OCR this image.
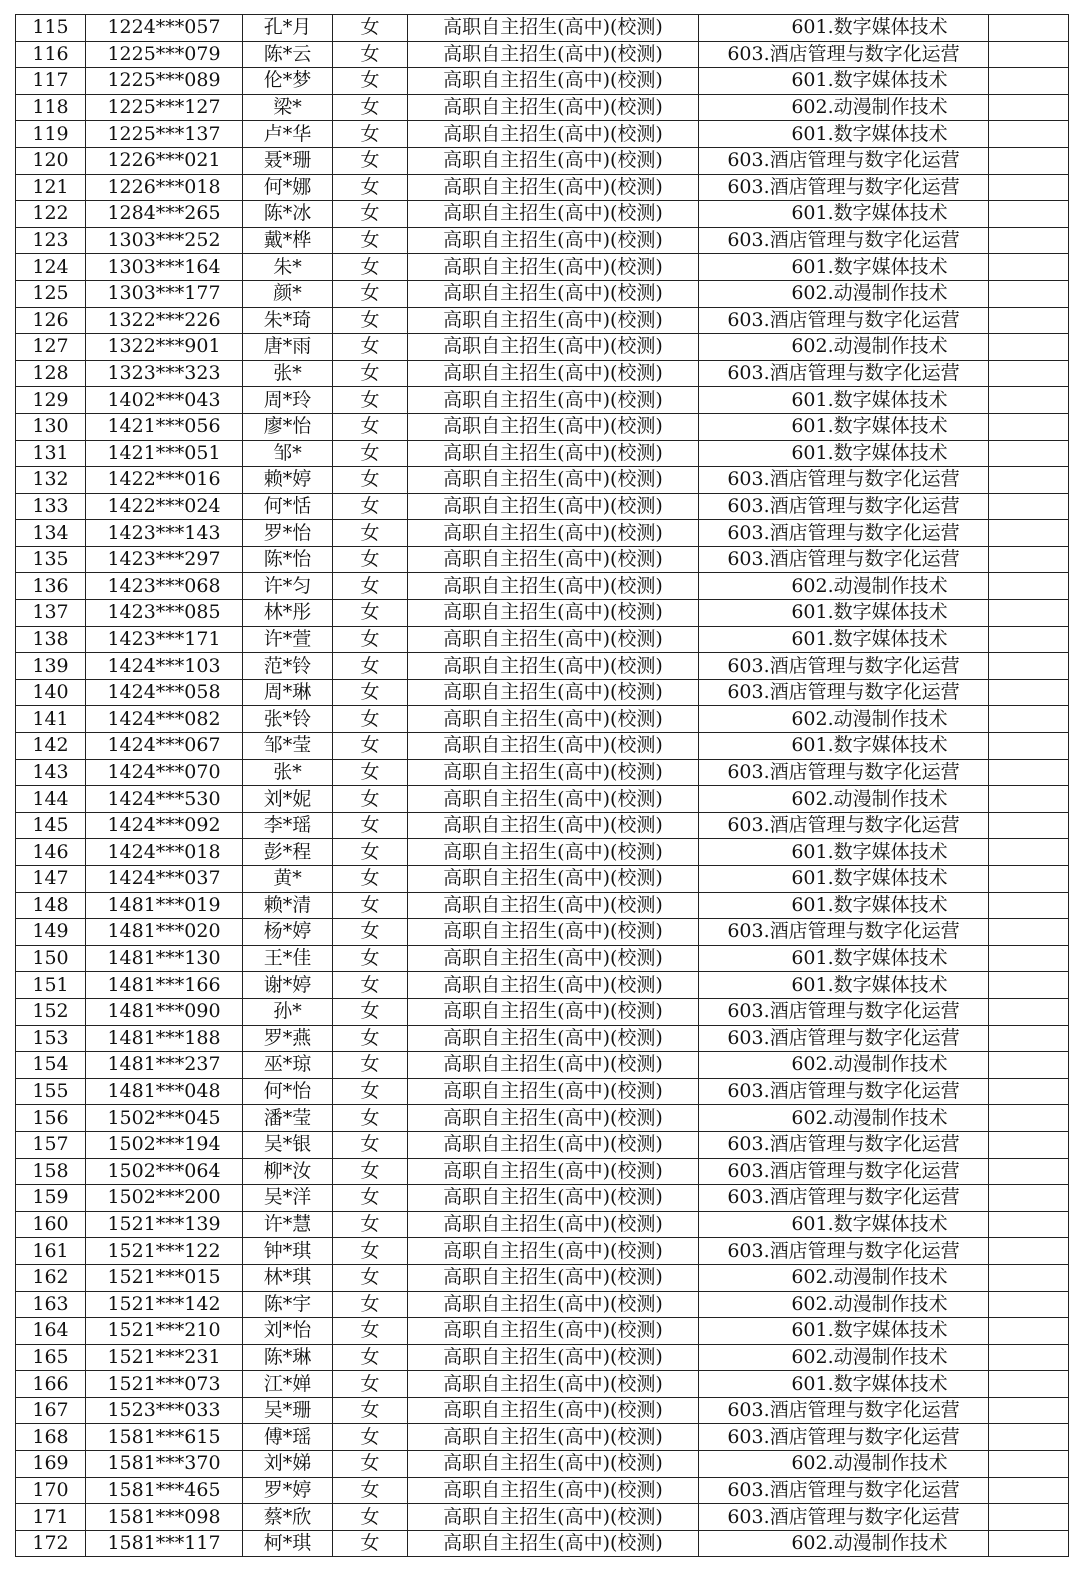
115	1224***057	孔*月	女	高职自主招生(高中)(校测)	601.数字媒体技术	
116	1225***079	陈*云	女	高职自主招生(高中)(校测)	603.酒店管理与数字化运营	
117	1225***089	伦*梦	女	高职自主招生(高中)(校测)	601.数字媒体技术	
118	1225***127	梁*	女	高职自主招生(高中)(校测)	602.动漫制作技术	
119	1225***137	卢*华	女	高职自主招生(高中)(校测)	601.数字媒体技术	
120	1226***021	聂*珊	女	高职自主招生(高中)(校测)	603.酒店管理与数字化运营	
121	1226***018	何*娜	女	高职自主招生(高中)(校测)	603.酒店管理与数字化运营	
122	1284***265	陈*冰	女	高职自主招生(高中)(校测)	601.数字媒体技术	
123	1303***252	戴*桦	女	高职自主招生(高中)(校测)	603.酒店管理与数字化运营	
124	1303***164	朱*	女	高职自主招生(高中)(校测)	601.数字媒体技术	
125	1303***177	颜*	女	高职自主招生(高中)(校测)	602.动漫制作技术	
126	1322***226	朱*琦	女	高职自主招生(高中)(校测)	603.酒店管理与数字化运营	
127	1322***901	唐*雨	女	高职自主招生(高中)(校测)	602.动漫制作技术	
128	1323***323	张*	女	高职自主招生(高中)(校测)	603.酒店管理与数字化运营	
129	1402***043	周*玲	女	高职自主招生(高中)(校测)	601.数字媒体技术	
130	1421***056	廖*怡	女	高职自主招生(高中)(校测)	601.数字媒体技术	
131	1421***051	邹*	女	高职自主招生(高中)(校测)	601.数字媒体技术	
132	1422***016	赖*婷	女	高职自主招生(高中)(校测)	603.酒店管理与数字化运营	
133	1422***024	何*恬	女	高职自主招生(高中)(校测)	603.酒店管理与数字化运营	
134	1423***143	罗*怡	女	高职自主招生(高中)(校测)	603.酒店管理与数字化运营	
135	1423***297	陈*怡	女	高职自主招生(高中)(校测)	603.酒店管理与数字化运营	
136	1423***068	许*匀	女	高职自主招生(高中)(校测)	602.动漫制作技术	
137	1423***085	林*彤	女	高职自主招生(高中)(校测)	601.数字媒体技术	
138	1423***171	许*萱	女	高职自主招生(高中)(校测)	601.数字媒体技术	
139	1424***103	范*铃	女	高职自主招生(高中)(校测)	603.酒店管理与数字化运营	
140	1424***058	周*琳	女	高职自主招生(高中)(校测)	603.酒店管理与数字化运营	
141	1424***082	张*铃	女	高职自主招生(高中)(校测)	602.动漫制作技术	
142	1424***067	邹*莹	女	高职自主招生(高中)(校测)	601.数字媒体技术	
143	1424***070	张*	女	高职自主招生(高中)(校测)	603.酒店管理与数字化运营	
144	1424***530	刘*妮	女	高职自主招生(高中)(校测)	602.动漫制作技术	
145	1424***092	李*瑶	女	高职自主招生(高中)(校测)	603.酒店管理与数字化运营	
146	1424***018	彭*程	女	高职自主招生(高中)(校测)	601.数字媒体技术	
147	1424***037	黄*	女	高职自主招生(高中)(校测)	601.数字媒体技术	
148	1481***019	赖*清	女	高职自主招生(高中)(校测)	601.数字媒体技术	
149	1481***020	杨*婷	女	高职自主招生(高中)(校测)	603.酒店管理与数字化运营	
150	1481***130	王*佳	女	高职自主招生(高中)(校测)	601.数字媒体技术	
151	1481***166	谢*婷	女	高职自主招生(高中)(校测)	601.数字媒体技术	
152	1481***090	孙*	女	高职自主招生(高中)(校测)	603.酒店管理与数字化运营	
153	1481***188	罗*燕	女	高职自主招生(高中)(校测)	603.酒店管理与数字化运营	
154	1481***237	巫*琼	女	高职自主招生(高中)(校测)	602.动漫制作技术	
155	1481***048	何*怡	女	高职自主招生(高中)(校测)	603.酒店管理与数字化运营	
156	1502***045	潘*莹	女	高职自主招生(高中)(校测)	602.动漫制作技术	
157	1502***194	吴*银	女	高职自主招生(高中)(校测)	603.酒店管理与数字化运营	
158	1502***064	柳*汝	女	高职自主招生(高中)(校测)	603.酒店管理与数字化运营	
159	1502***200	吴*洋	女	高职自主招生(高中)(校测)	603.酒店管理与数字化运营	
160	1521***139	许*慧	女	高职自主招生(高中)(校测)	601.数字媒体技术	
161	1521***122	钟*琪	女	高职自主招生(高中)(校测)	603.酒店管理与数字化运营	
162	1521***015	林*琪	女	高职自主招生(高中)(校测)	602.动漫制作技术	
163	1521***142	陈*宇	女	高职自主招生(高中)(校测)	602.动漫制作技术	
164	1521***210	刘*怡	女	高职自主招生(高中)(校测)	601.数字媒体技术	
165	1521***231	陈*琳	女	高职自主招生(高中)(校测)	602.动漫制作技术	
166	1521***073	江*婵	女	高职自主招生(高中)(校测)	601.数字媒体技术	
167	1523***033	吴*珊	女	高职自主招生(高中)(校测)	603.酒店管理与数字化运营	
168	1581***615	傅*瑶	女	高职自主招生(高中)(校测)	603.酒店管理与数字化运营	
169	1581***370	刘*娣	女	高职自主招生(高中)(校测)	602.动漫制作技术	
170	1581***465	罗*婷	女	高职自主招生(高中)(校测)	603.酒店管理与数字化运营	
171	1581***098	蔡*欣	女	高职自主招生(高中)(校测)	603.酒店管理与数字化运营	
172	1581***117	柯*琪	女	高职自主招生(高中)(校测)	602.动漫制作技术	
